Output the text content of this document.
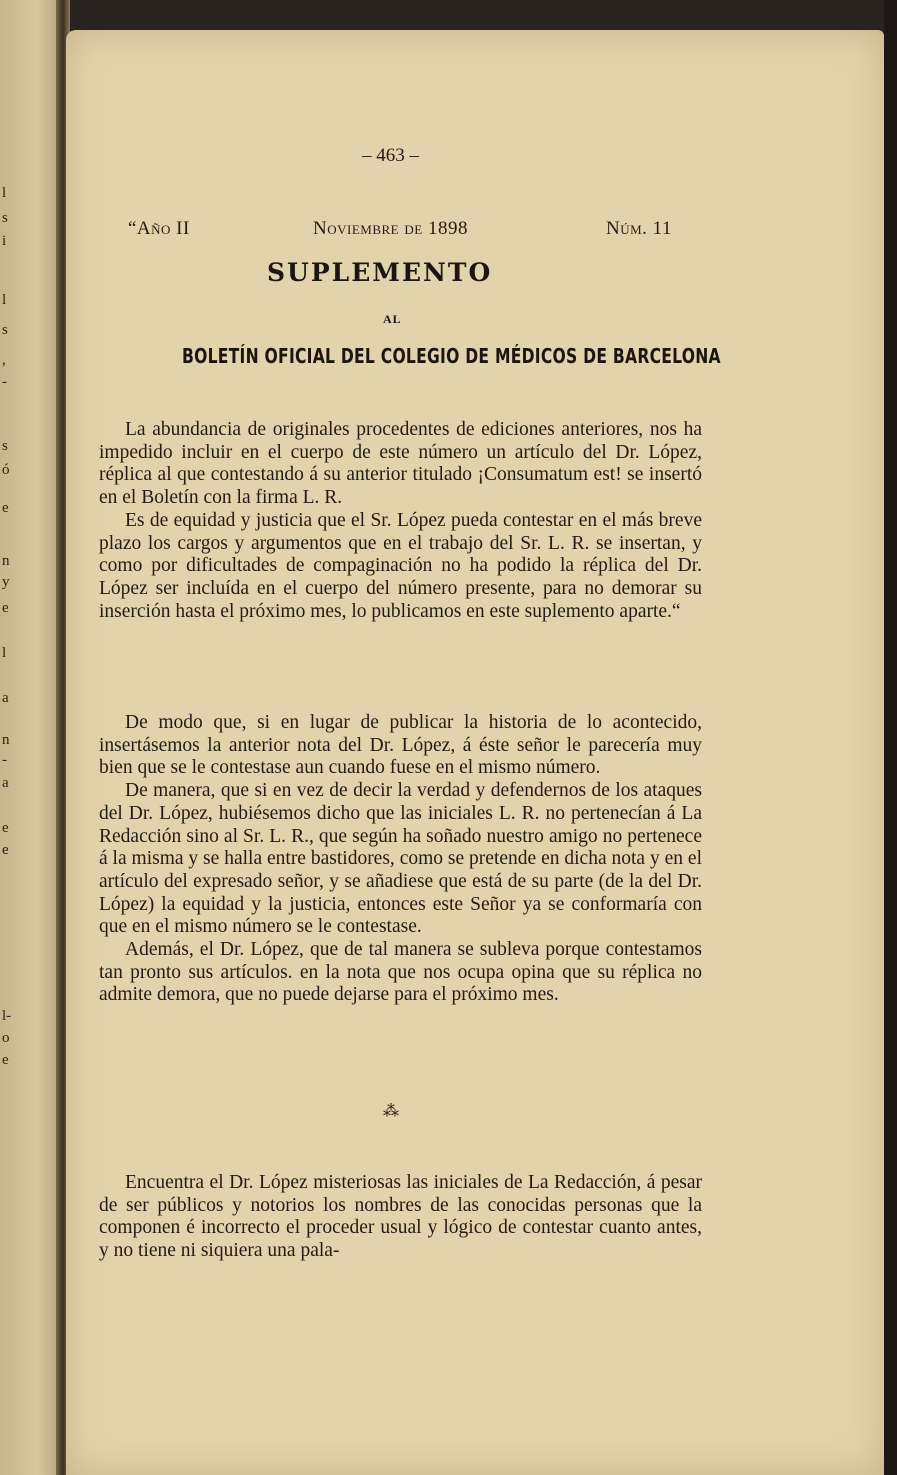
l
s
i
l
s
,
-
s
ó
e
n
y
e
l
a
n
-
a
e
e
l-
o
e
– 463 –
“Año II	Noviembre de 1898	Núm. 11
SUPLEMENTO
AL
BOLETÍN OFICIAL DEL COLEGIO DE MÉDICOS DE BARCELONA

La abundancia de originales procedentes de ediciones anteriores, nos ha impedido incluir en el cuerpo de este número un artículo del Dr. López, réplica al que contestando á su anterior titulado ¡Consumatum est! se insertó en el Boletín con la firma L. R.

Es de equidad y justicia que el Sr. López pueda contestar en el más breve plazo los cargos y argumentos que en el trabajo del Sr. L. R. se insertan, y como por dificultades de compaginación no ha podido la réplica del Dr. López ser incluída en el cuerpo del número presente, para no demorar su inserción hasta el próximo mes, lo publicamos en este suplemento aparte.“

De modo que, si en lugar de publicar la historia de lo acontecido, insertásemos la anterior nota del Dr. López, á éste señor le parecería muy bien que se le contestase aun cuando fuese en el mismo número.

De manera, que si en vez de decir la verdad y defendernos de los ataques del Dr. López, hubiésemos dicho que las iniciales L. R. no pertenecían á La Redacción sino al Sr. L. R., que según ha soñado nuestro amigo no pertenece á la misma y se halla entre bastidores, como se pretende en dicha nota y en el artículo del expresado señor, y se añadiese que está de su parte (de la del Dr. López) la equidad y la justicia, entonces este Señor ya se conformaría con que en el mismo número se le contestase.

Además, el Dr. López, que de tal manera se subleva porque contestamos tan pronto sus artículos. en la nota que nos ocupa opina que su réplica no admite demora, que no puede dejarse para el próximo mes.

⁂

Encuentra el Dr. López misteriosas las iniciales de La Redacción, á pesar de ser públicos y notorios los nombres de las conocidas personas que la componen é incorrecto el proceder usual y lógico de contestar cuanto antes, y no tiene ni siquiera una pala-
